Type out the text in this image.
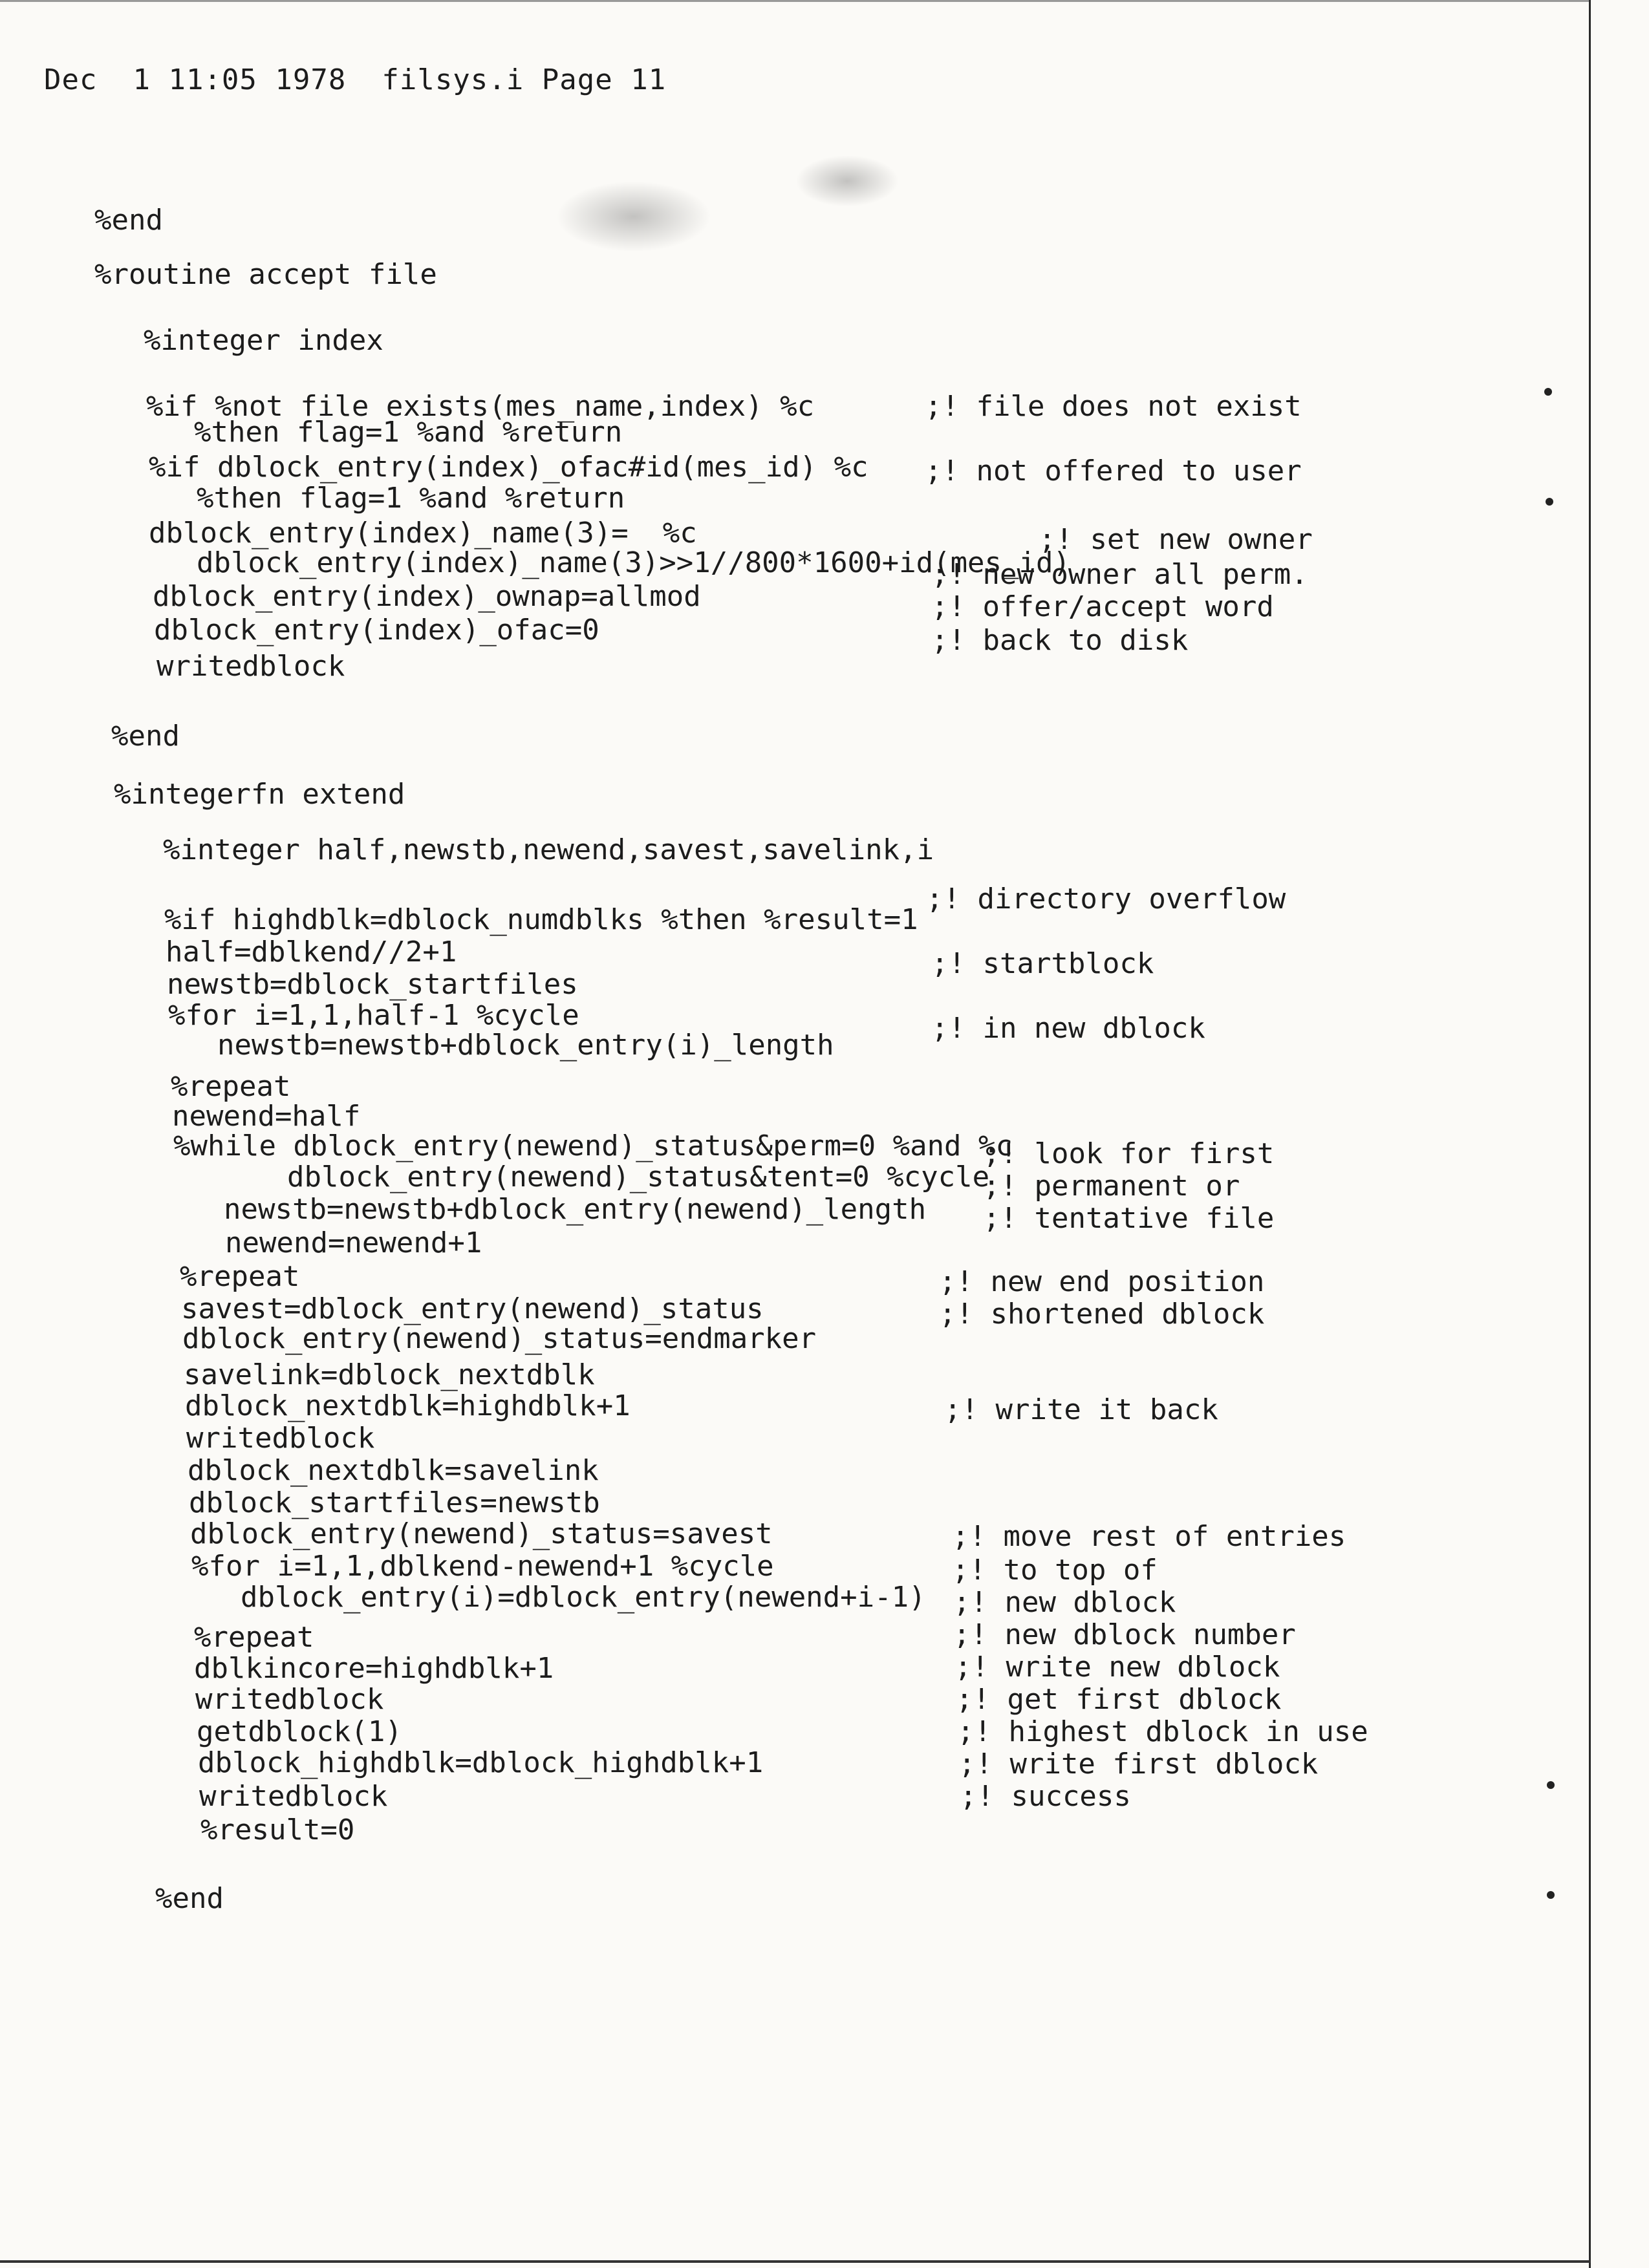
Dec 1 11:05 1978 filsys.i Page 11
%end
%routine accept file
%integer index
%if %not file exists(mes_name,index) %c
%then flag=1 %and %return
%if dblock_entry(index)_ofac#id(mes_id) %c
%then flag=1 %and %return
dblock_entry(index)_name(3)=  %c
dblock_entry(index)_name(3)>>1//800*1600+id(mes_id)
dblock_entry(index)_ownap=allmod
dblock_entry(index)_ofac=0
writedblock
%end
%integerfn extend
%integer half,newstb,newend,savest,savelink,i
%if highdblk=dblock_numdblks %then %result=1
half=dblkend//2+1
newstb=dblock_startfiles
%for i=1,1,half-1 %cycle
newstb=newstb+dblock_entry(i)_length
%repeat
newend=half
%while dblock_entry(newend)_status&perm=0 %and %c
dblock_entry(newend)_status&tent=0 %cycle
newstb=newstb+dblock_entry(newend)_length
newend=newend+1
%repeat
savest=dblock_entry(newend)_status
dblock_entry(newend)_status=endmarker
savelink=dblock_nextdblk
dblock_nextdblk=highdblk+1
writedblock
dblock_nextdblk=savelink
dblock_startfiles=newstb
dblock_entry(newend)_status=savest
%for i=1,1,dblkend-newend+1 %cycle
dblock_entry(i)=dblock_entry(newend+i-1)
%repeat
dblkincore=highdblk+1
writedblock
getdblock(1)
dblock_highdblk=dblock_highdblk+1
writedblock
%result=0
%end
;! file does not exist
;! not offered to user
;! set new owner
;! new owner all perm.
;! offer/accept word
;! back to disk
;! directory overflow
;! startblock
;! in new dblock
;! look for first
;! permanent or
;! tentative file
;! new end position
;! shortened dblock
;! write it back
;! move rest of entries
;! to top of
;! new dblock
;! new dblock number
;! write new dblock
;! get first dblock
;! highest dblock in use
;! write first dblock
;! success
